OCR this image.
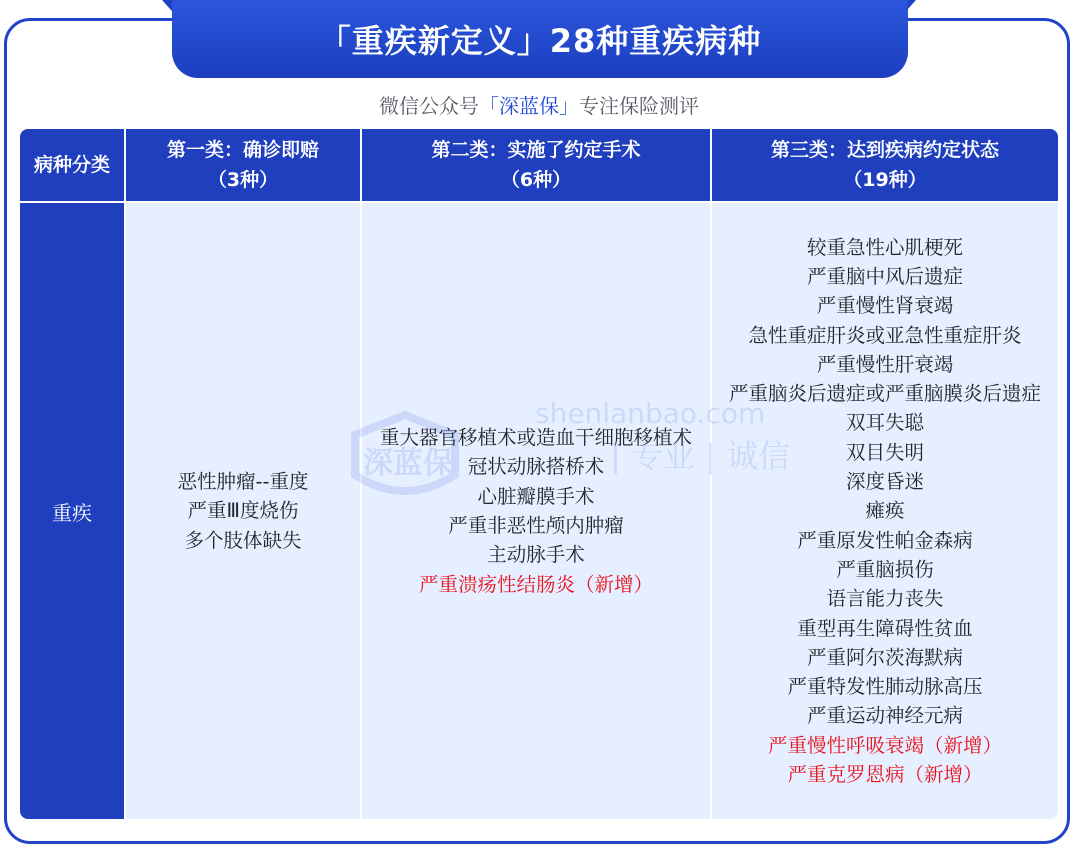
「重疾新定义」28种重疾病种
微信公众号「深蓝保」专注保险测评
病种分类
第一类：确诊即赔
（3种）
第二类：实施了约定手术
（6种）
第三类：达到疾病约定状态
（19种）
重疾
恶性肿瘤--重度
严重Ⅲ度烧伤
多个肢体缺失
重大器官移植术或造血干细胞移植术
冠状动脉搭桥术
心脏瓣膜手术
严重非恶性颅内肿瘤
主动脉手术
严重溃疡性结肠炎（新增）
较重急性心肌梗死
严重脑中风后遗症
严重慢性肾衰竭
急性重症肝炎或亚急性重症肝炎
严重慢性肝衰竭
严重脑炎后遗症或严重脑膜炎后遗症
双耳失聪
双目失明
深度昏迷
瘫痪
严重原发性帕金森病
严重脑损伤
语言能力丧失
重型再生障碍性贫血
严重阿尔茨海默病
严重特发性肺动脉高压
严重运动神经元病
严重慢性呼吸衰竭（新增）
严重克罗恩病（新增）
